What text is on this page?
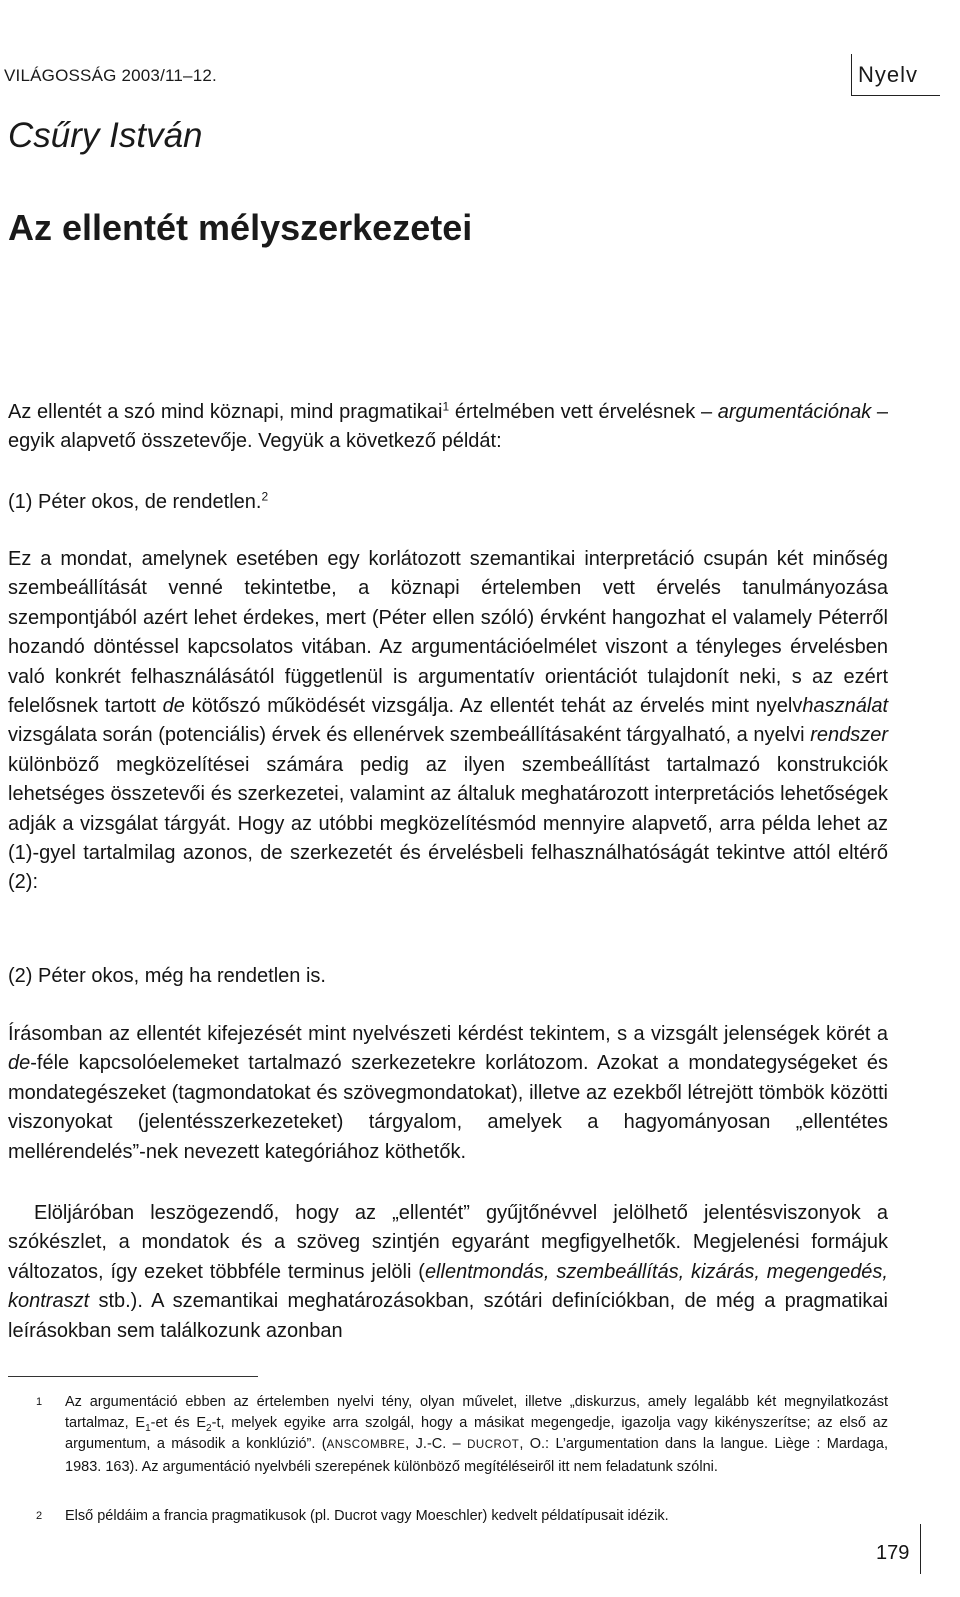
VILÁGOSSÁG 2003/11–12.	Nyelv
Csűry István
Az ellentét mélyszerkezetei
Az ellentét a szó mind köznapi, mind pragmatikai$^1$ értelmében vett érvelésnek – argumentációnak – egyik alapvető összetevője. Vegyük a következő példát:
(1) Péter okos, de rendetlen.$^2$
Ez a mondat, amelynek esetében egy korlátozott szemantikai interpretáció csupán két minőség szembeállítását venné tekintetbe, a köznapi értelemben vett érvelés tanulmányozása szempontjából azért lehet érdekes, mert (Péter ellen szóló) érvként hangozhat el valamely Péterről hozandó döntéssel kapcsolatos vitában. Az argumentációelmélet viszont a tényleges érvelésben való konkrét felhasználásától függetlenül is argumentatív orientációt tulajdonít neki, s az ezért felelősnek tartott de kötőszó működését vizsgálja. Az ellentét tehát az érvelés mint nyelvhasználat vizsgálata során (potenciális) érvek és ellenérvek szembeállításaként tárgyalható, a nyelvi rendszer különböző megközelítései számára pedig az ilyen szembeállítást tartalmazó konstrukciók lehetséges összetevői és szerkezetei, valamint az általuk meghatározott interpretációs lehetőségek adják a vizsgálat tárgyát. Hogy az utóbbi megközelítésmód mennyire alapvető, arra példa lehet az (1)-gyel tartalmilag azonos, de szerkezetét és érvelésbeli felhasználhatóságát tekintve attól eltérő (2):
(2) Péter okos, még ha rendetlen is.
Írásomban az ellentét kifejezését mint nyelvészeti kérdést tekintem, s a vizsgált jelenségek körét a de-féle kapcsolóelemeket tartalmazó szerkezetekre korlátozom. Azokat a mondategységeket és mondategészeket (tagmondatokat és szövegmondatokat), illetve az ezekből létrejött tömbök közötti viszonyokat (jelentésszerkezeteket) tárgyalom, amelyek a hagyományosan „ellentétes mellérendelés”-nek nevezett kategóriához köthetők.
Elöljáróban leszögezendő, hogy az „ellentét” gyűjtőnévvel jelölhető jelentésviszonyok a szókészlet, a mondatok és a szöveg szintjén egyaránt megfigyelhetők. Megjelenési formájuk változatos, így ezeket többféle terminus jelöli (ellentmondás, szembeállítás, kizárás, megengedés, kontraszt stb.). A szemantikai meghatározásokban, szótári definíciókban, de még a pragmatikai leírásokban sem találkozunk azonban
1 Az argumentáció ebben az értelemben nyelvi tény, olyan művelet, illetve „diskurzus, amely legalább két megnyilatkozást tartalmaz, $E_1-et$ és $E_2-t$, melyek egyike arra szolgál, hogy a másikat megengedje, igazolja vagy kikényszerítse; az első az argumentum, a második a konklúzió”. (ANSCOMBRE, J.-C. – DUCROT, O.: L’argumentation dans la langue. Liège : Mardaga, 1983. 163). Az argumentáció nyelvbéli szerepének különböző megítéléseiről itt nem feladatunk szólni.
2 Első példáim a francia pragmatikusok (pl. Ducrot vagy Moeschler) kedvelt példatípusait idézik.
179
